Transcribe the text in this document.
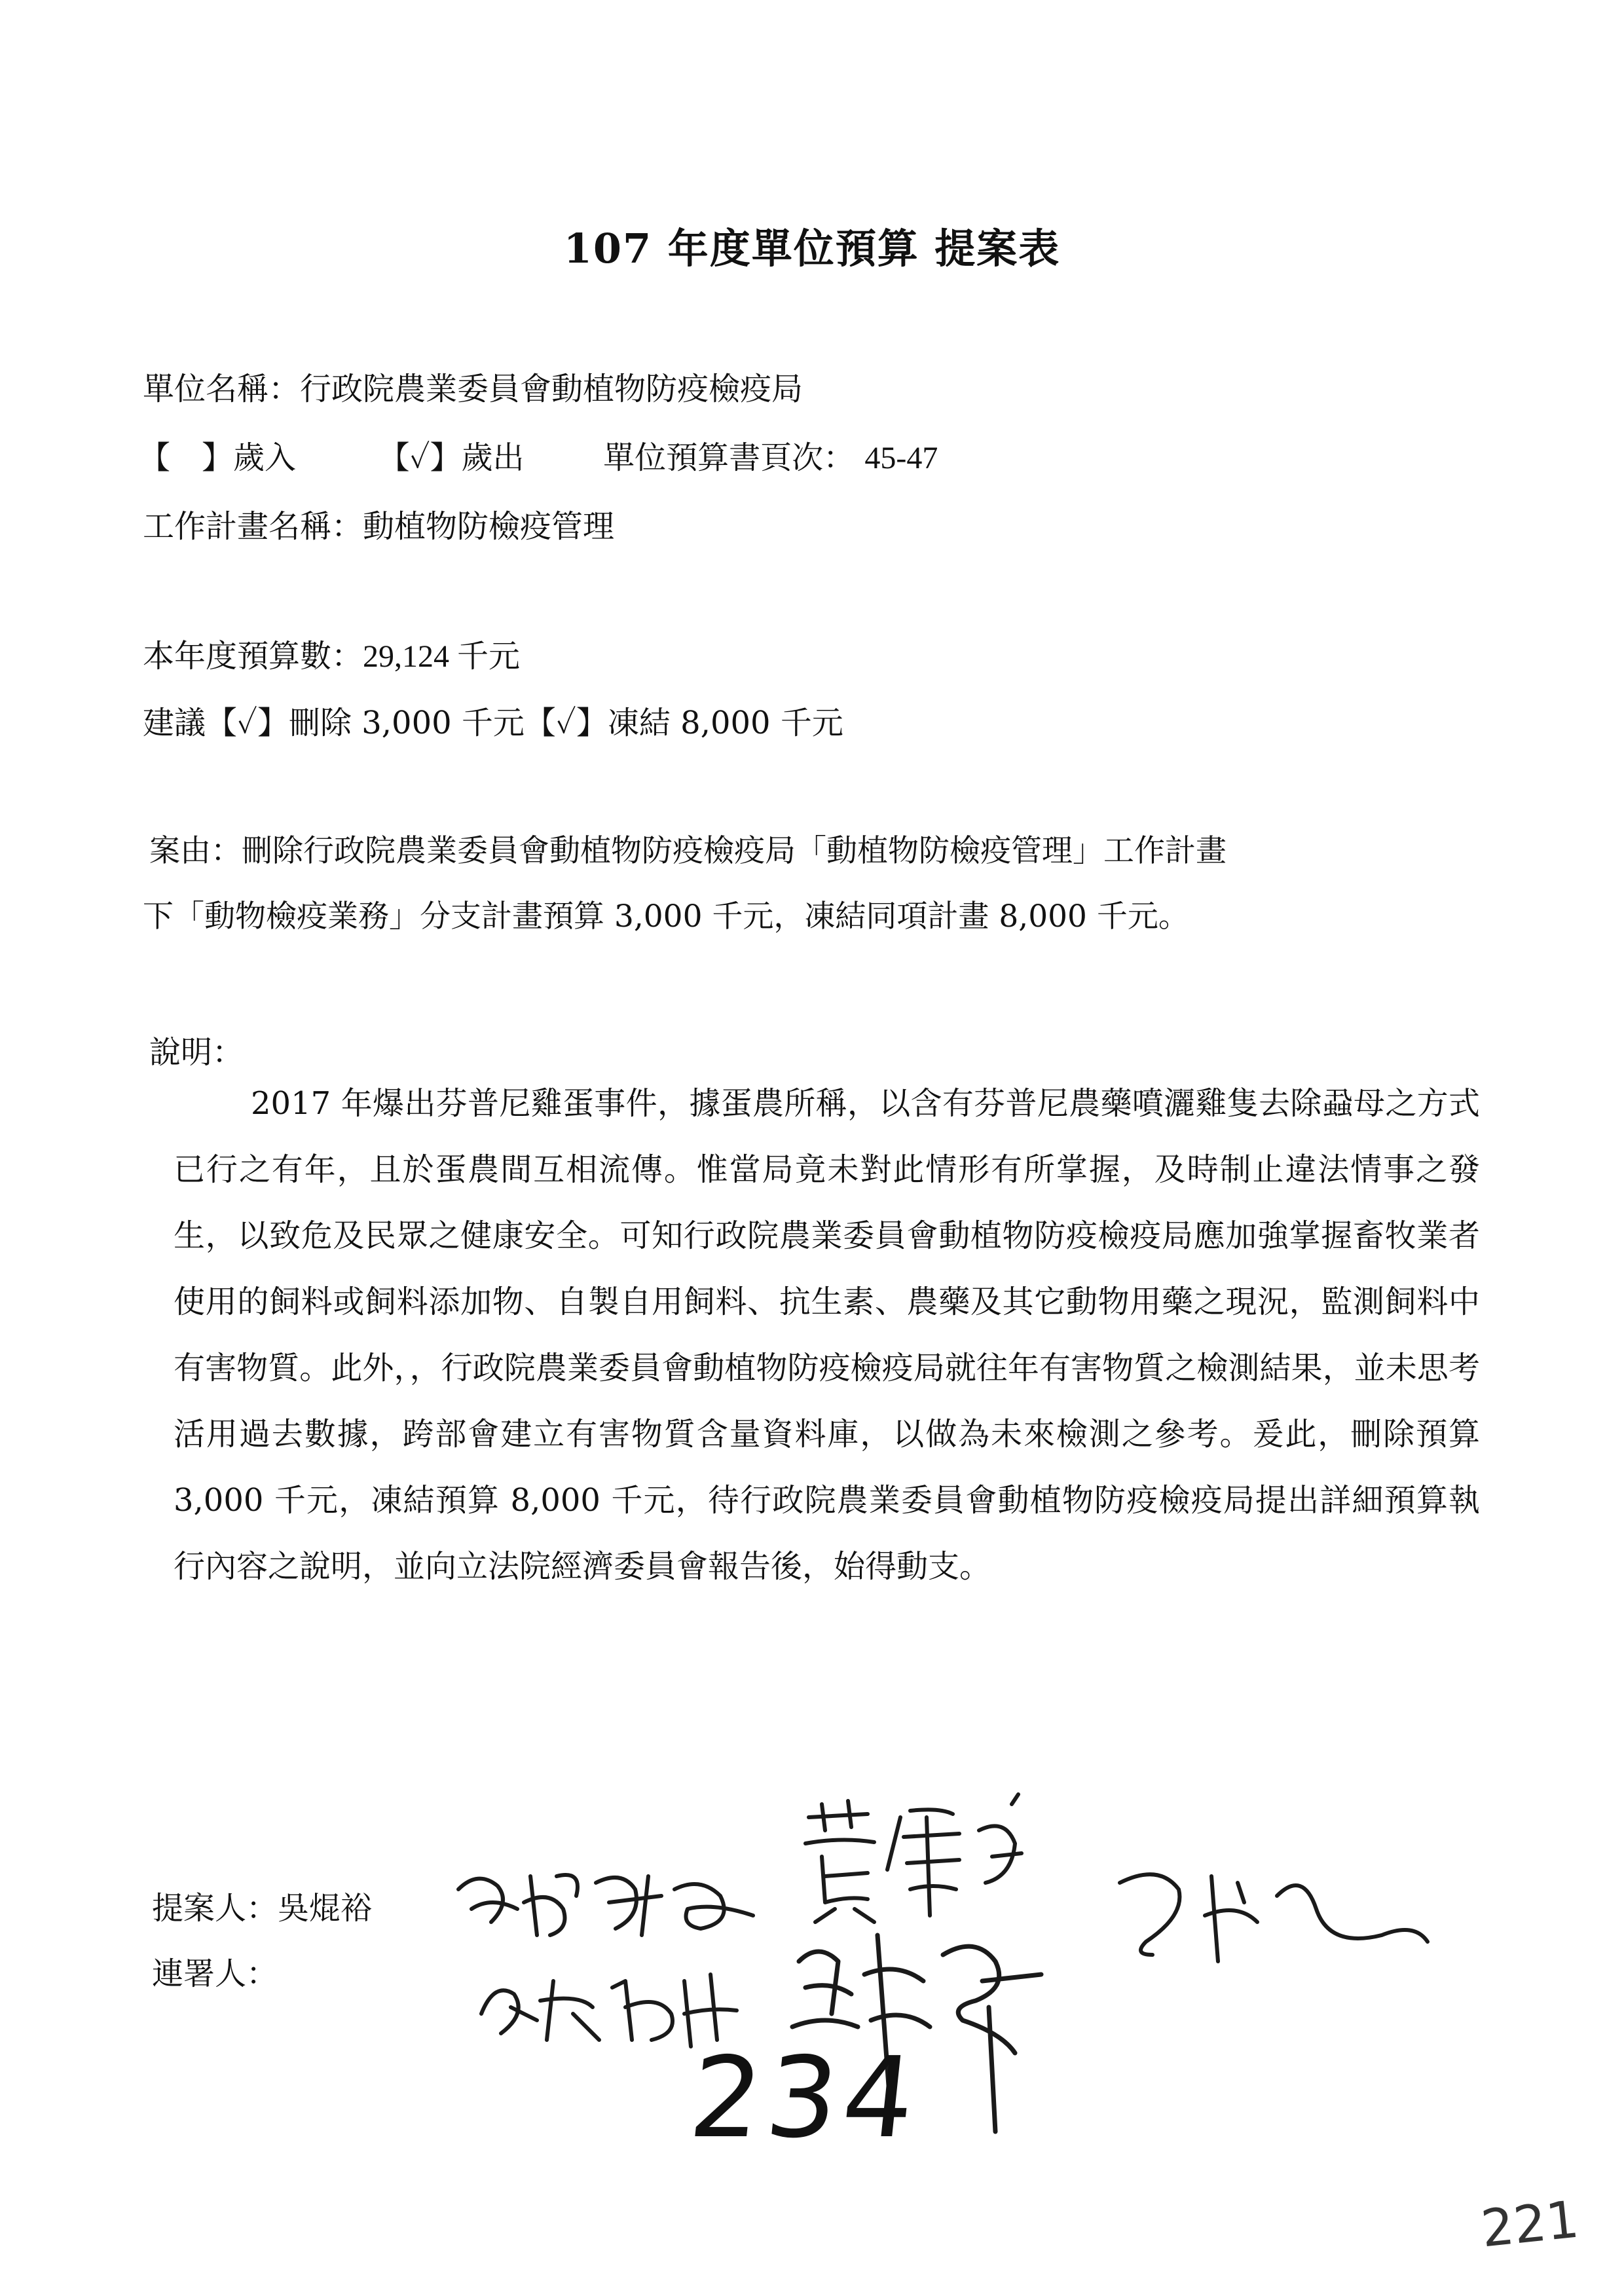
107 年度單位預算 提案表
單位名稱：行政院農業委員會動植物防疫檢疫局
【　】歲入	【✓】歲出	單位預算書頁次： 45-47
工作計畫名稱：動植物防檢疫管理
本年度預算數：29,124 千元
建議【✓】刪除 3,000 千元【✓】凍結 8,000 千元
案由：刪除行政院農業委員會動植物防疫檢疫局「動植物防檢疫管理」工作計畫
下「動物檢疫業務」分支計畫預算 3,000 千元，凍結同項計畫 8,000 千元。
說明：
2017 年爆出芬普尼雞蛋事件，據蛋農所稱，以含有芬普尼農藥噴灑雞隻去除蝨母之方式已行之有年，且於蛋農間互相流傳。惟當局竟未對此情形有所掌握，及時制止違法情事之發生，以致危及民眾之健康安全。可知行政院農業委員會動植物防疫檢疫局應加強掌握畜牧業者使用的飼料或飼料添加物、自製自用飼料、抗生素、農藥及其它動物用藥之現況，監測飼料中有害物質。此外，，行政院農業委員會動植物防疫檢疫局就往年有害物質之檢測結果，並未思考活用過去數據，跨部會建立有害物質含量資料庫，以做為未來檢測之參考。爰此，刪除預算 3,000 千元，凍結預算 8,000 千元，待行政院農業委員會動植物防疫檢疫局提出詳細預算執行內容之說明，並向立法院經濟委員會報告後，始得動支。
提案人：吳焜裕
連署人：
234
221
